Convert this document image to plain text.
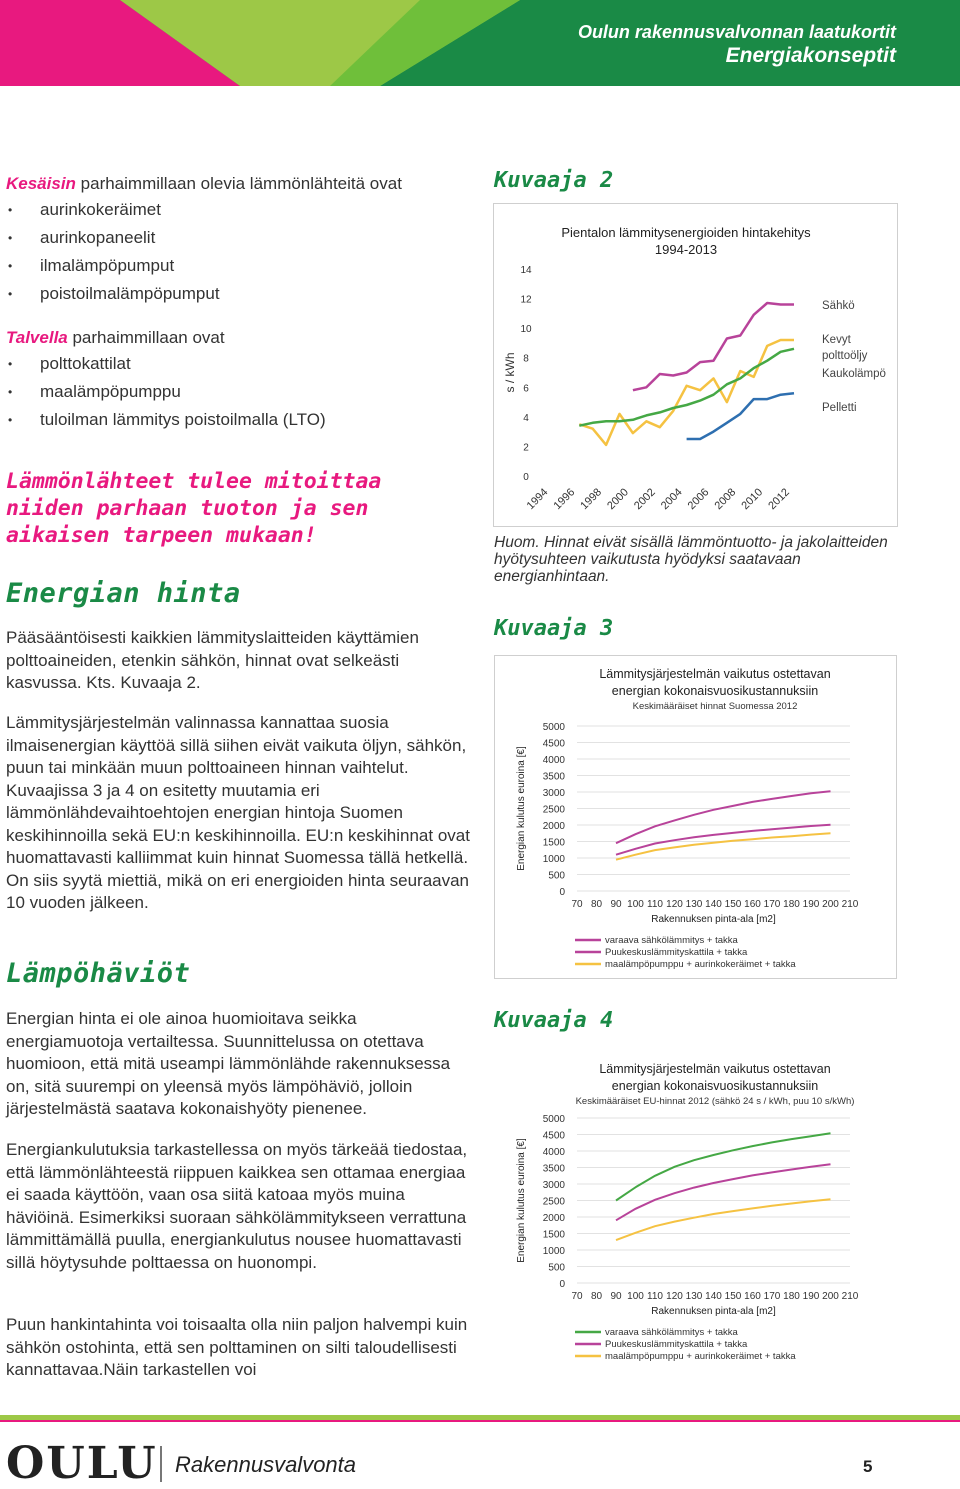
Oulun rakennusvalvonnan laatukortit
Energiakonseptit
Kesäisin parhaimmillaan olevia lämmönlähteitä ovat
• aurinkokeräimet
• aurinkopaneelit
• ilmalämpöpumput
• poistoilmalämpöpumput
Talvella parhaimmillaan ovat
• polttokattilat
• maalämpöpumppu
• tuloilman lämmitys poistoilmalla (LTO)
Lämmönlähteet tulee mitoittaa niiden parhaan tuoton ja sen aikaisen tarpeen mukaan!
Energian hinta
Pääsääntöisesti kaikkien lämmityslaitteiden käyttämien polttoaineiden, etenkin sähkön, hinnat ovat selkeästi kasvussa. Kts. Kuvaaja 2.
Lämmitysjärjestelmän valinnassa kannattaa suosia ilmaisenergian käyttöä sillä siihen eivät vaikuta öljyn, sähkön, puun tai minkään muun polttoaineen hinnan vaihtelut. Kuvaajissa 3 ja 4 on esitetty muutamia eri lämmönlähdevaihtoehtojen energian hintoja Suomen keskihinnoilla sekä EU:n keskihinnoilla. EU:n keskihinnat ovat huomattavasti kalliimmat kuin hinnat Suomessa tällä hetkellä. On siis syytä miettiä, mikä on eri energioiden hinta seuraavan 10 vuoden jälkeen.
Lämpöhäviöt
Energian hinta ei ole ainoa huomioitava seikka energiamuotoja vertailtessa. Suunnittelussa on otettava huomioon, että mitä useampi lämmönlähde rakennuksessa on, sitä suurempi on yleensä myös lämpöhäviö, jolloin järjestelmästä saatava kokonaishyöty pienenee.
Energiankulutuksia tarkastellessa on myös tärkeää tiedostaa, että lämmönlähteestä riippuen kaikkea sen ottamaa energiaa ei saada käyttöön, vaan osa siitä katoaa myös muina häviöinä. Esimerkiksi suoraan sähkölämmitykseen verrattuna lämmittämällä puulla, energiankulutus nousee huomattavasti sillä höytysuhde polttaessa on huonompi.
Puun hankintahinta voi toisaalta olla niin paljon halvempi kuin sähkön ostohinta, että sen polttaminen on silti taloudellisesti kannattavaa.Näin tarkastellen voi
Kuvaaja 2
Pientalon lämmitysenergioiden hintakehitys
1994-2013
0
2
4
6
8
10
12
14
s / kWh
1994 1996 1998 2000 2002 2004 2006 2008 2010 2012
Sähkö
Kevyt
polttoöljy
Kaukolämpö
Pelletti
Huom. Hinnat eivät sisällä lämmöntuotto- ja jakolaitteiden hyötysuhteen vaikutusta hyödyksi saatavaan energianhintaan.
Kuvaaja 3
Lämmitysjärjestelmän vaikutus ostettavan
energian kokonaisvuosikustannuksiin
Keskimääräiset hinnat Suomessa 2012
0
500
1000
1500
2000
2500
3000
3500
4000
4500
5000
70 80 90 100 110 120 130 140 150 160 170 180 190 200 210
Rakennuksen pinta-ala [m2]
Energian kulutus euroina [€]
varaava sähkölämmitys + takka
Puukeskuslämmityskattila + takka
maalämpöpumppu + aurinkokeräimet + takka
Kuvaaja 4
Lämmitysjärjestelmän vaikutus ostettavan
energian kokonaisvuosikustannuksiin
Keskimääräiset EU-hinnat 2012 (sähkö 24 s / kWh, puu 10 s/kWh)
0
500
1000
1500
2000
2500
3000
3500
4000
4500
5000
70 80 90 100 110 120 130 140 150 160 170 180 190 200 210
Rakennuksen pinta-ala [m2]
Energian kulutus euroina [€]
varaava sähkölämmitys + takka
Puukeskuslämmityskattila + takka
maalämpöpumppu + aurinkokeräimet + takka
OULU Rakennusvalvonta	5
